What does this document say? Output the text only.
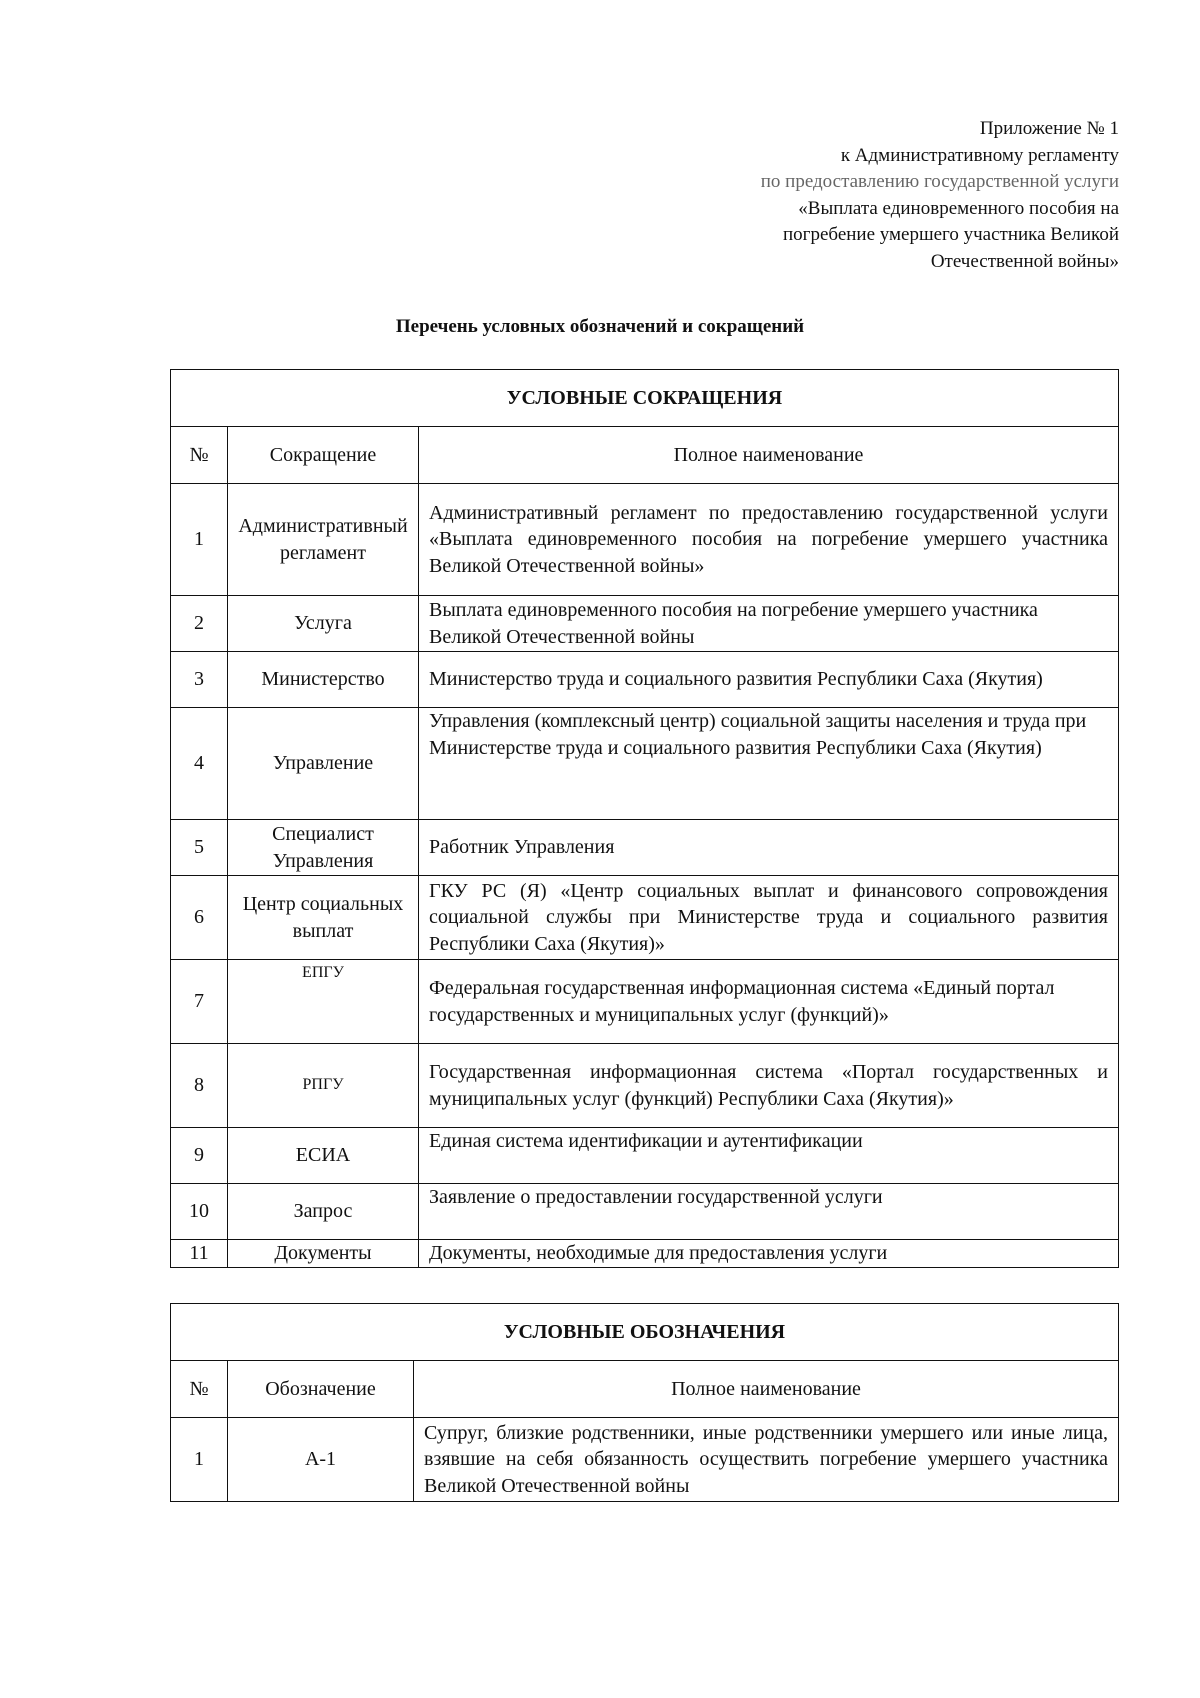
Приложение № 1
к Административному регламенту
по предоставлению государственной услуги
«Выплата единовременного пособия на
погребение умершего участника Великой
Отечественной войны»
Перечень условных обозначений и сокращений
УСЛОВНЫЕ СОКРАЩЕНИЯ		
№	Сокращение	Полное наименование
1	Административный регламент	Административный регламент по предоставлению государственной услуги «Выплата единовременного пособия на погребение умершего участника Великой Отечественной войны»
2	Услуга	Выплата единовременного пособия на погребение умершего участника Великой Отечественной войны
3	Министерство	Министерство труда и социального развития Республики Саха (Якутия)
4	Управление	Управления (комплексный центр) социальной защиты населения и труда при Министерстве труда и социального развития Республики Саха (Якутия)
5	Специалист Управления	Работник Управления
6	Центр социальных выплат	ГКУ РС (Я) «Центр социальных выплат и финансового сопровождения социальной службы при Министерстве труда и социального развития Республики Саха (Якутия)»
7	ЕПГУ	Федеральная государственная информационная система «Единый портал государственных и муниципальных услуг (функций)»
8	РПГУ	Государственная информационная система «Портал государственных и муниципальных услуг (функций) Республики Саха (Якутия)»
9	ЕСИА	Единая система идентификации и аутентификации
10	Запрос	Заявление о предоставлении государственной услуги
11	Документы	Документы, необходимые для предоставления услуги
УСЛОВНЫЕ ОБОЗНАЧЕНИЯ		
№	Обозначение	Полное наименование
1	А-1	Супруг, близкие родственники, иные родственники умершего или иные лица, взявшие на себя обязанность осуществить погребение умершего участника Великой Отечественной войны
